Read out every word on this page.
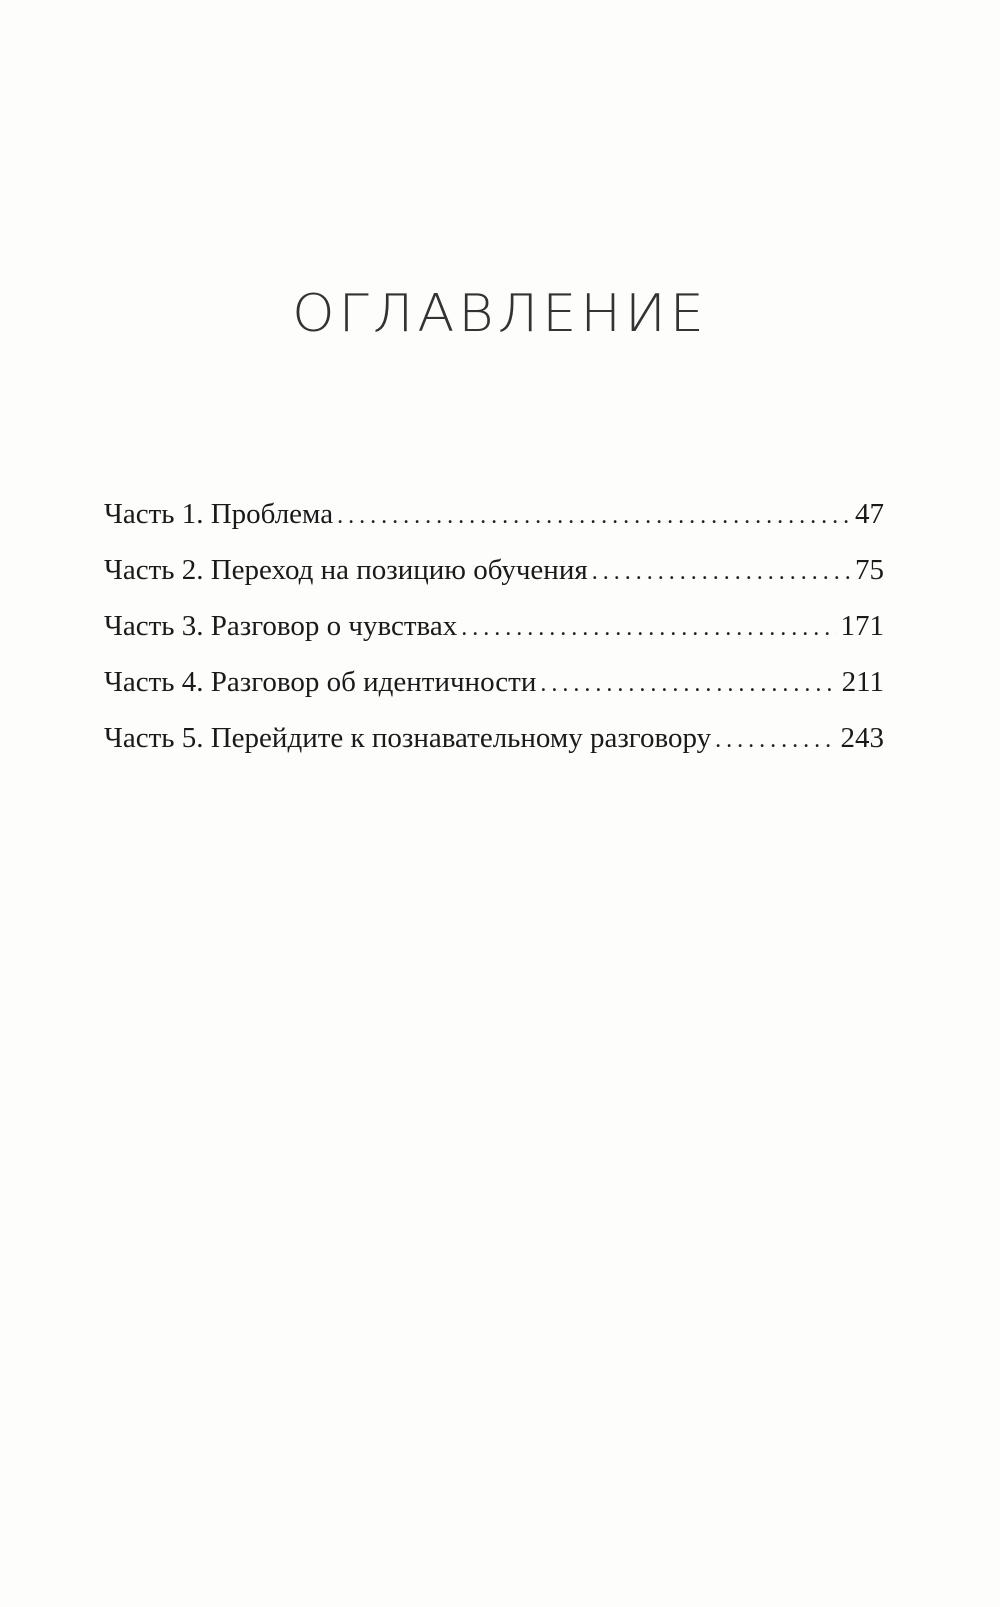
ОГЛАВЛЕНИЕ
Часть 1. Проблема .....	47
Часть 2. Переход на позицию обучения .....	75
Часть 3. Разговор о чувствах .....	171
Часть 4. Разговор об идентичности .....	211
Часть 5. Перейдите к познавательному разговору .....	243
